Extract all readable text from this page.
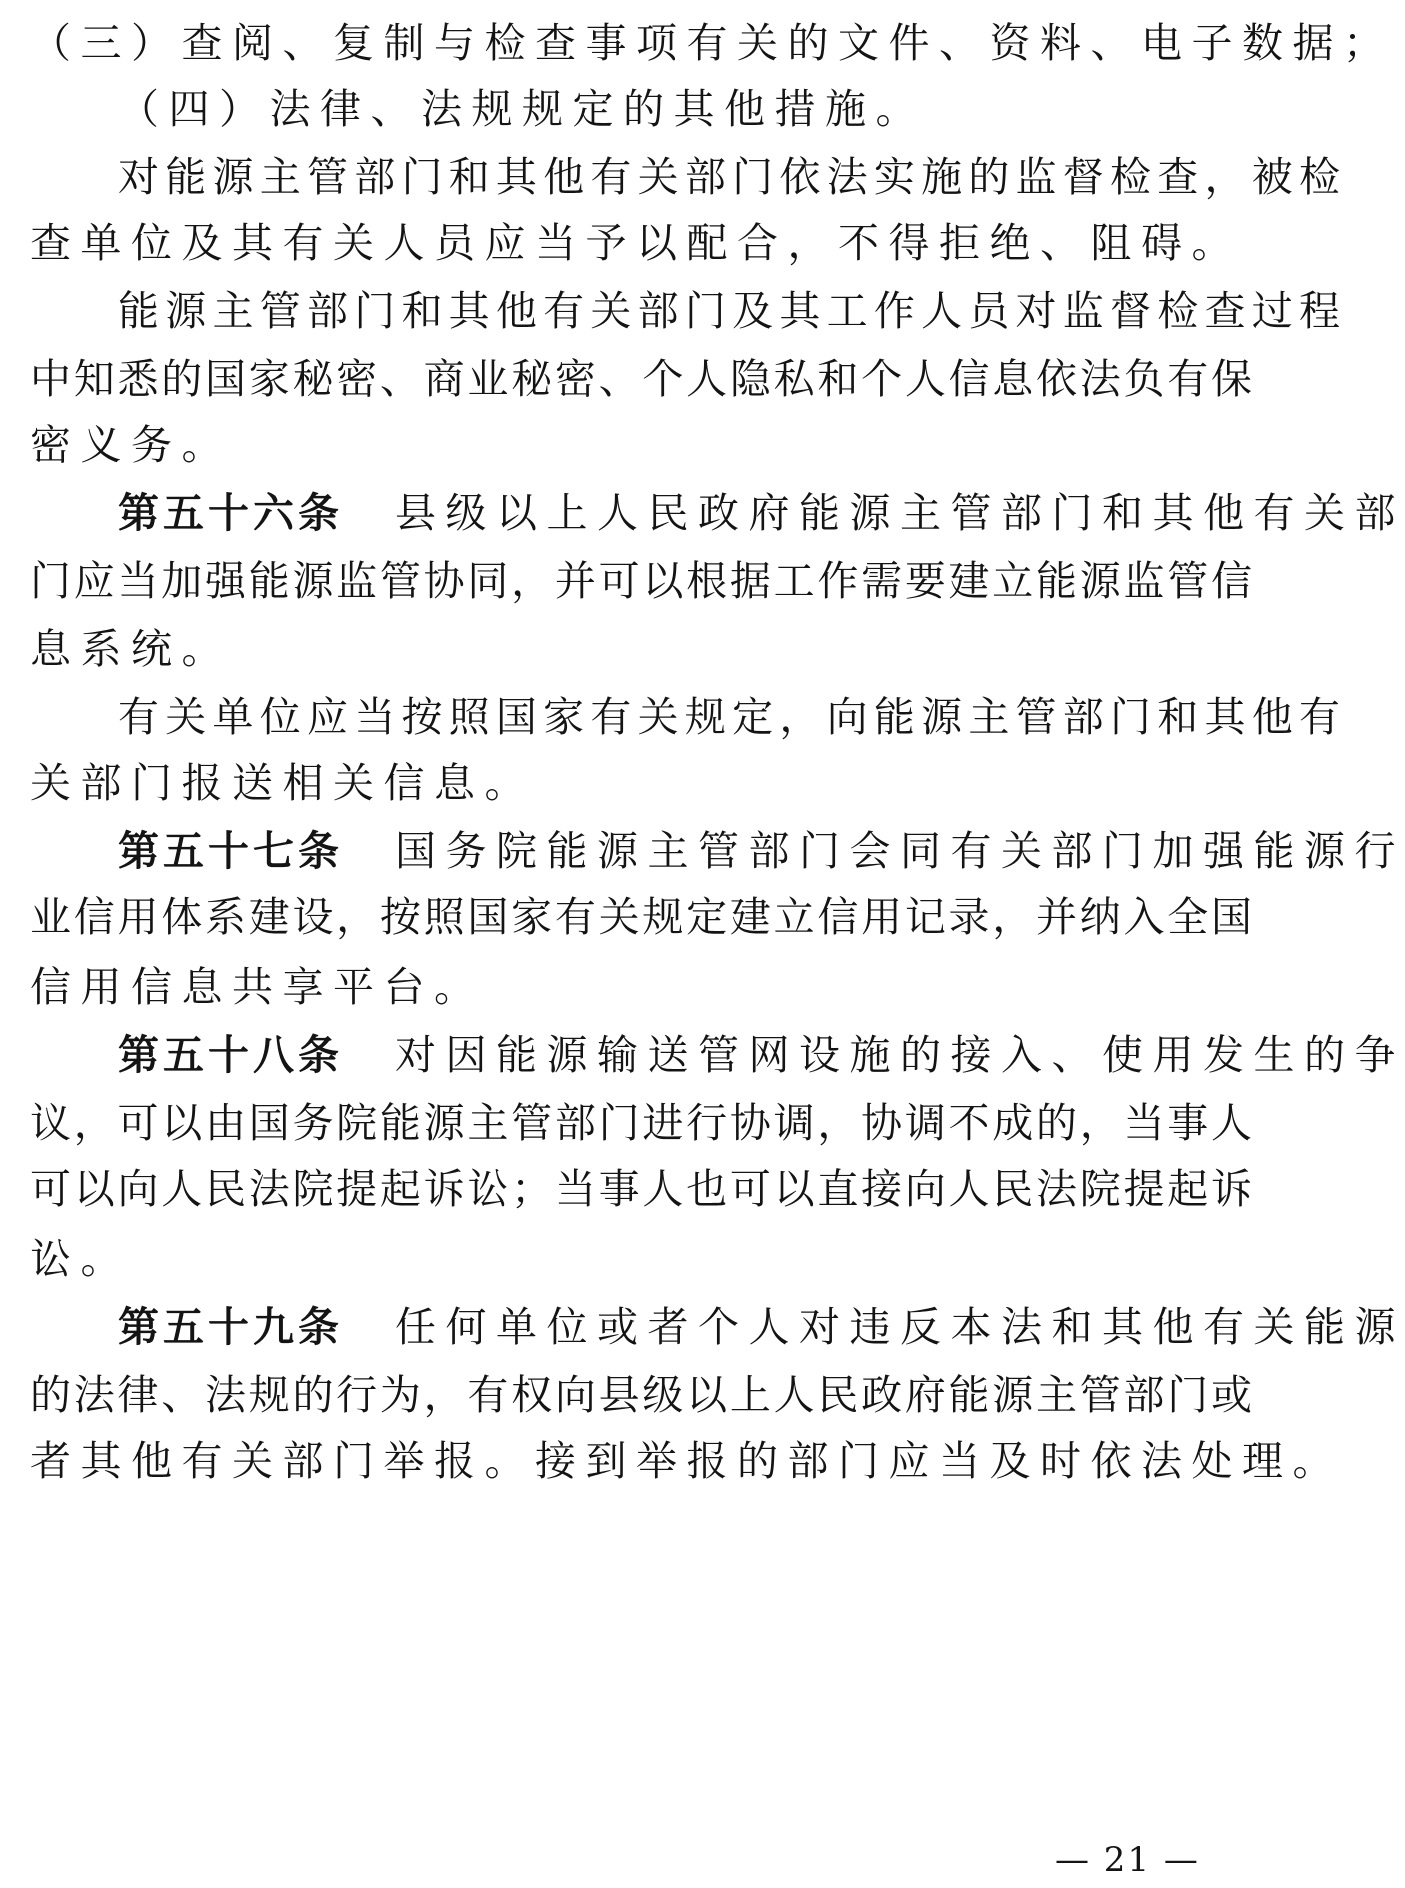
（三）查阅、复制与检查事项有关的文件、资料、电子数据；
（四）法律、法规规定的其他措施。
对能源主管部门和其他有关部门依法实施的监督检查，被检
查单位及其有关人员应当予以配合，不得拒绝、阻碍。
能源主管部门和其他有关部门及其工作人员对监督检查过程
中知悉的国家秘密、商业秘密、个人隐私和个人信息依法负有保
密义务。
第五十六条 县级以上人民政府能源主管部门和其他有关部
门应当加强能源监管协同，并可以根据工作需要建立能源监管信
息系统。
有关单位应当按照国家有关规定，向能源主管部门和其他有
关部门报送相关信息。
第五十七条 国务院能源主管部门会同有关部门加强能源行
业信用体系建设，按照国家有关规定建立信用记录，并纳入全国
信用信息共享平台。
第五十八条 对因能源输送管网设施的接入、使用发生的争
议，可以由国务院能源主管部门进行协调，协调不成的，当事人
可以向人民法院提起诉讼；当事人也可以直接向人民法院提起诉
讼。
第五十九条 任何单位或者个人对违反本法和其他有关能源
的法律、法规的行为，有权向县级以上人民政府能源主管部门或
者其他有关部门举报。接到举报的部门应当及时依法处理。
— 21 —
